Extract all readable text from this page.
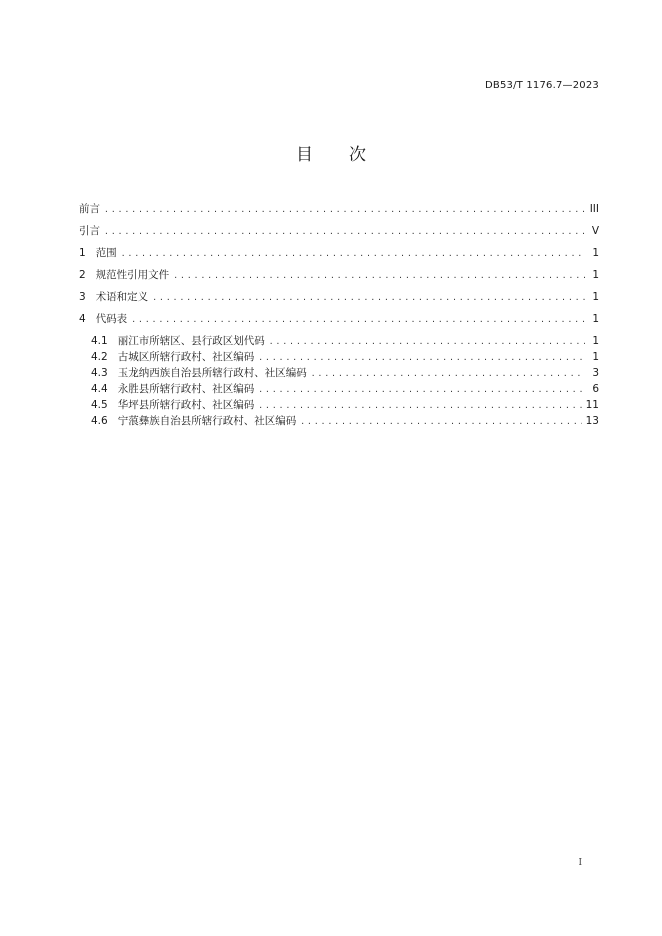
DB53/T 1176.7—2023
目 次
前言 .....	III
引言 .....	V
1 范围 .....	1
2 规范性引用文件 .....	1
3 术语和定义 .....	1
4 代码表 .....	1
4.1 丽江市所辖区、县行政区划代码 .....	1
4.2 古城区所辖行政村、社区编码 .....	1
4.3 玉龙纳西族自治县所辖行政村、社区编码 .....	3
4.4 永胜县所辖行政村、社区编码 .....	6
4.5 华坪县所辖行政村、社区编码 .....	11
4.6 宁蒗彝族自治县所辖行政村、社区编码 .....	13
I
